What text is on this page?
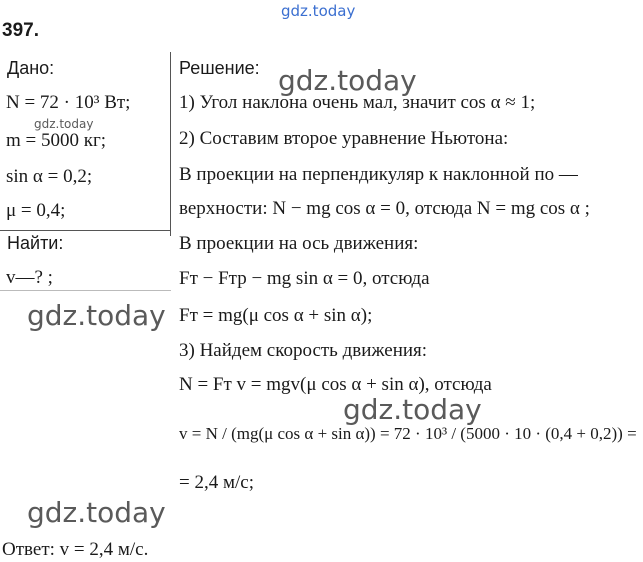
gdz.today
397.
Дано:
N = 72 · 10³ Вт;
m = 5000 кг;
sin α = 0,2;
μ = 0,4;
Найти:
v—? ;
Решение:
1) Угол наклона очень мал, значит cos α ≈ 1;
2) Составим второе уравнение Ньютона:
В проекции на перпендикуляр к наклонной по —
верхности: N − mg cos α = 0, отсюда N = mg cos α ;
В проекции на ось движения:
Fт − Fтр − mg sin α = 0, отсюда
Fт = mg(μ cos α + sin α);
3) Найдем скорость движения:
N = Fт v = mgv(μ cos α + sin α), отсюда
v = N / (mg(μ cos α + sin α)) = 72 · 10³ / (5000 · 10 · (0,4 + 0,2)) =
= 2,4 м/с;
Ответ: v = 2,4 м/с.
gdz.today
gdz.today
gdz.today
gdz.today
gdz.today
